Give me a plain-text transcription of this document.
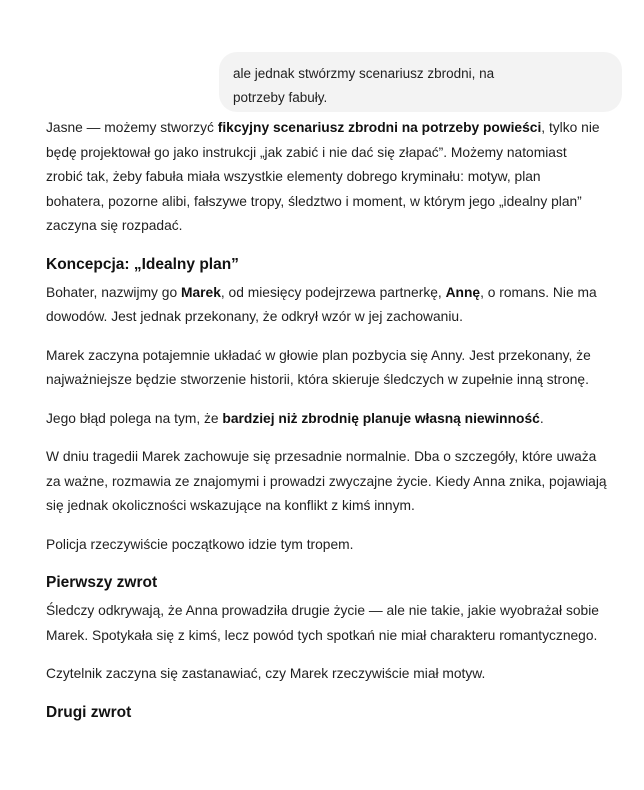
ale jednak stwórzmy scenariusz zbrodni, na
potrzeby fabuły.
Jasne — możemy stworzyć fikcyjny scenariusz zbrodni na potrzeby powieści, tylko nie
będę projektował go jako instrukcji „jak zabić i nie dać się złapać”. Możemy natomiast
zrobić tak, żeby fabuła miała wszystkie elementy dobrego kryminału: motyw, plan
bohatera, pozorne alibi, fałszywe tropy, śledztwo i moment, w którym jego „idealny plan”
zaczyna się rozpadać.
Koncepcja: „Idealny plan”
Bohater, nazwijmy go Marek, od miesięcy podejrzewa partnerkę, Annę, o romans. Nie ma
dowodów. Jest jednak przekonany, że odkrył wzór w jej zachowaniu.
Marek zaczyna potajemnie układać w głowie plan pozbycia się Anny. Jest przekonany, że
najważniejsze będzie stworzenie historii, która skieruje śledczych w zupełnie inną stronę.
Jego błąd polega na tym, że bardziej niż zbrodnię planuje własną niewinność.
W dniu tragedii Marek zachowuje się przesadnie normalnie. Dba o szczegóły, które uważa
za ważne, rozmawia ze znajomymi i prowadzi zwyczajne życie. Kiedy Anna znika, pojawiają
się jednak okoliczności wskazujące na konflikt z kimś innym.
Policja rzeczywiście początkowo idzie tym tropem.
Pierwszy zwrot
Śledczy odkrywają, że Anna prowadziła drugie życie — ale nie takie, jakie wyobrażał sobie
Marek. Spotykała się z kimś, lecz powód tych spotkań nie miał charakteru romantycznego.
Czytelnik zaczyna się zastanawiać, czy Marek rzeczywiście miał motyw.
Drugi zwrot
